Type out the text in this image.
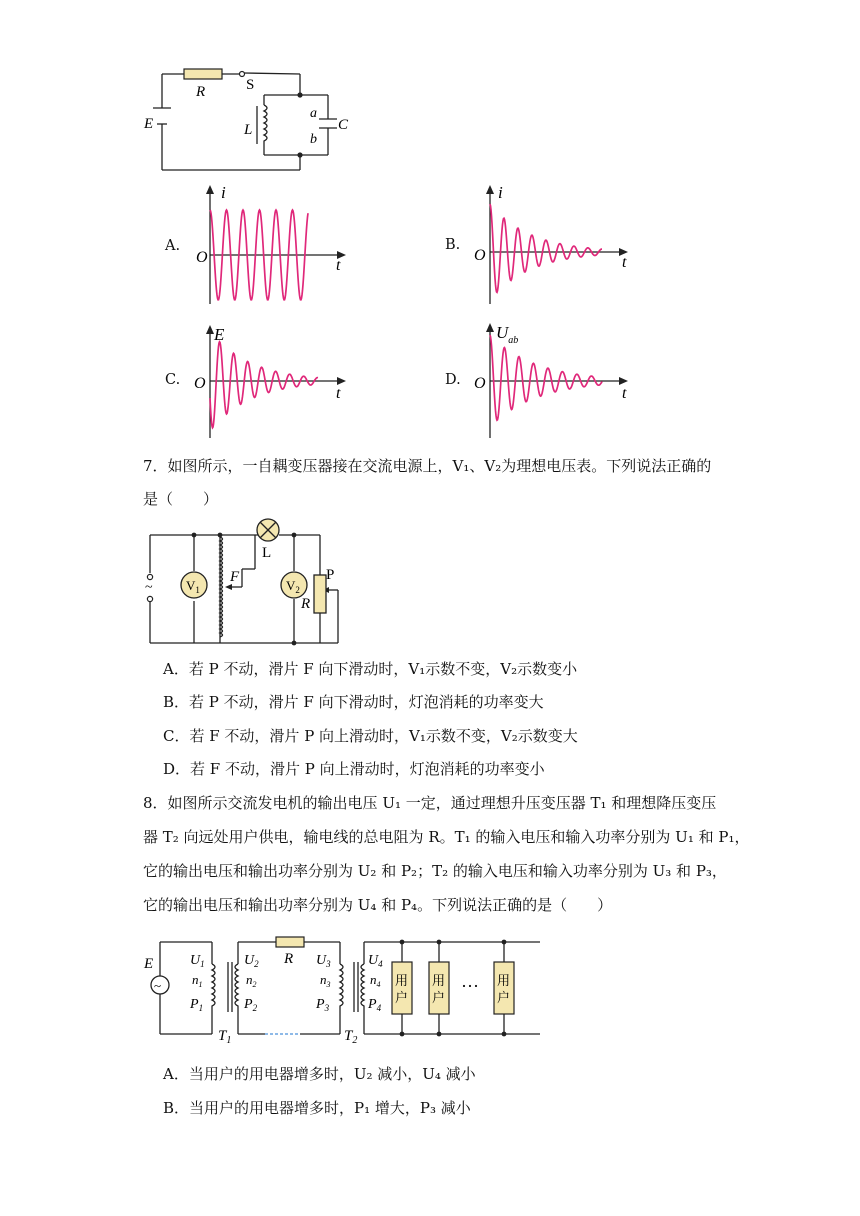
R	S
E	L	C
a
b
A.	B.
C.	D.
i
O	t
i
O	t
E
O
t
$U_{ab}$
O
t
7．如图所示，一自耦变压器接在交流电源上，V₁、V₂为理想电压表。下列说法正确的
是（　　）
~	$V_1$	$V_2$
L
F	P
R
A．若 P 不动，滑片 F 向下滑动时，V₁示数不变，V₂示数变小
B．若 P 不动，滑片 F 向下滑动时，灯泡消耗的功率变大
C．若 F 不动，滑片 P 向上滑动时，V₁示数不变，V₂示数变大
D．若 F 不动，滑片 P 向上滑动时，灯泡消耗的功率变小
8．如图所示交流发电机的输出电压 U₁ 一定，通过理想升压变压器 T₁ 和理想降压变压
器 T₂ 向远处用户供电，输电线的总电阻为 R。T₁ 的输入电压和输入功率分别为 U₁ 和 P₁，
它的输出电压和输出功率分别为 U₂ 和 P₂；T₂ 的输入电压和输入功率分别为 U₃ 和 P₃，
它的输出电压和输出功率分别为 U₄ 和 P₄。下列说法正确的是（　　）
~
E	R
$T_1$	$T_2$
$U_1$
$n_1$
$P_1$
$U_2$
$n_2$
$P_2$
$U_3$
$n_3$
$P_3$
$U_4$
$n_4$
$P_4$
用
户
用
户
用
户
···
A．当用户的用电器增多时，U₂ 减小，U₄ 减小
B．当用户的用电器增多时，P₁ 增大，P₃ 减小
